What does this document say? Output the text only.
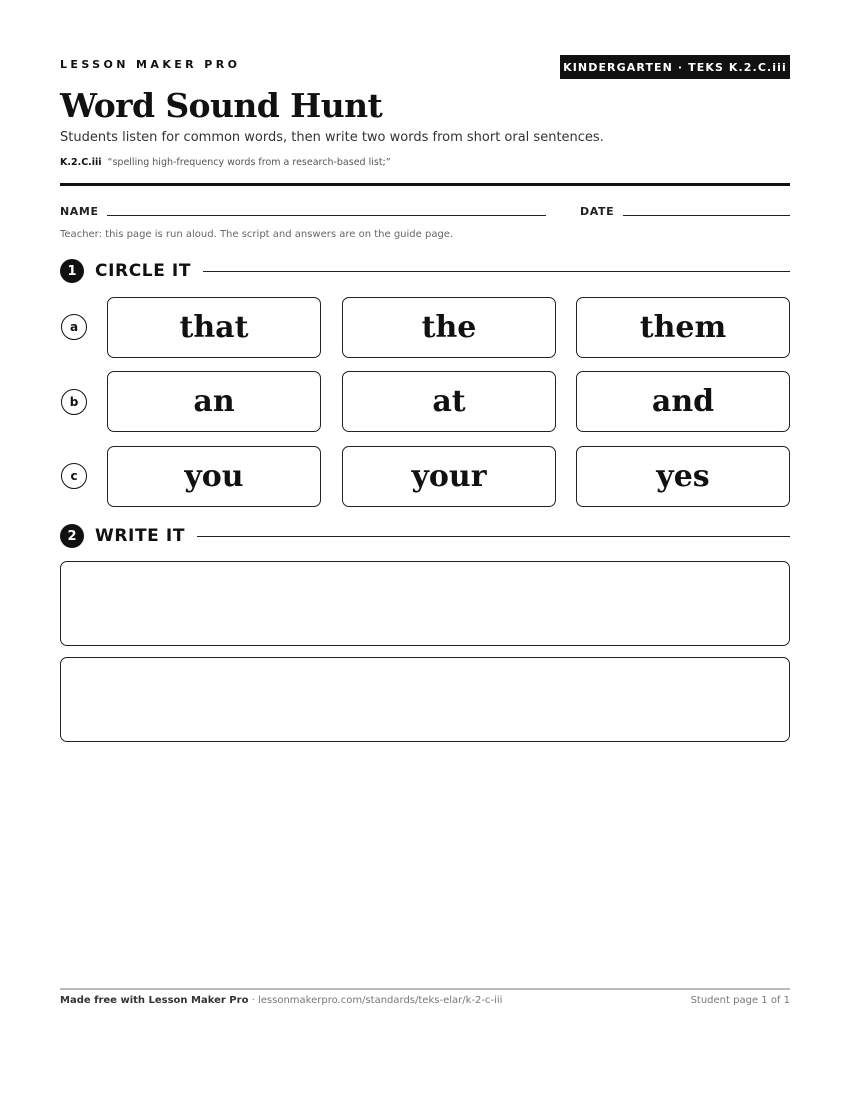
LESSON MAKER PRO	KINDERGARTEN · TEKS K.2.C.iii
Word Sound Hunt
Students listen for common words, then write two words from short oral sentences.
K.2.C.iii “spelling high-frequency words from a research-based list;”
NAME	DATE
Teacher: this page is run aloud. The script and answers are on the guide page.
1	CIRCLE IT
a	that	the	them
b	an	at	and
c	you	your	yes
2	WRITE IT
Made free with Lesson Maker Pro · lessonmakerpro.com/standards/teks-elar/k-2-c-iii	Student page 1 of 1
